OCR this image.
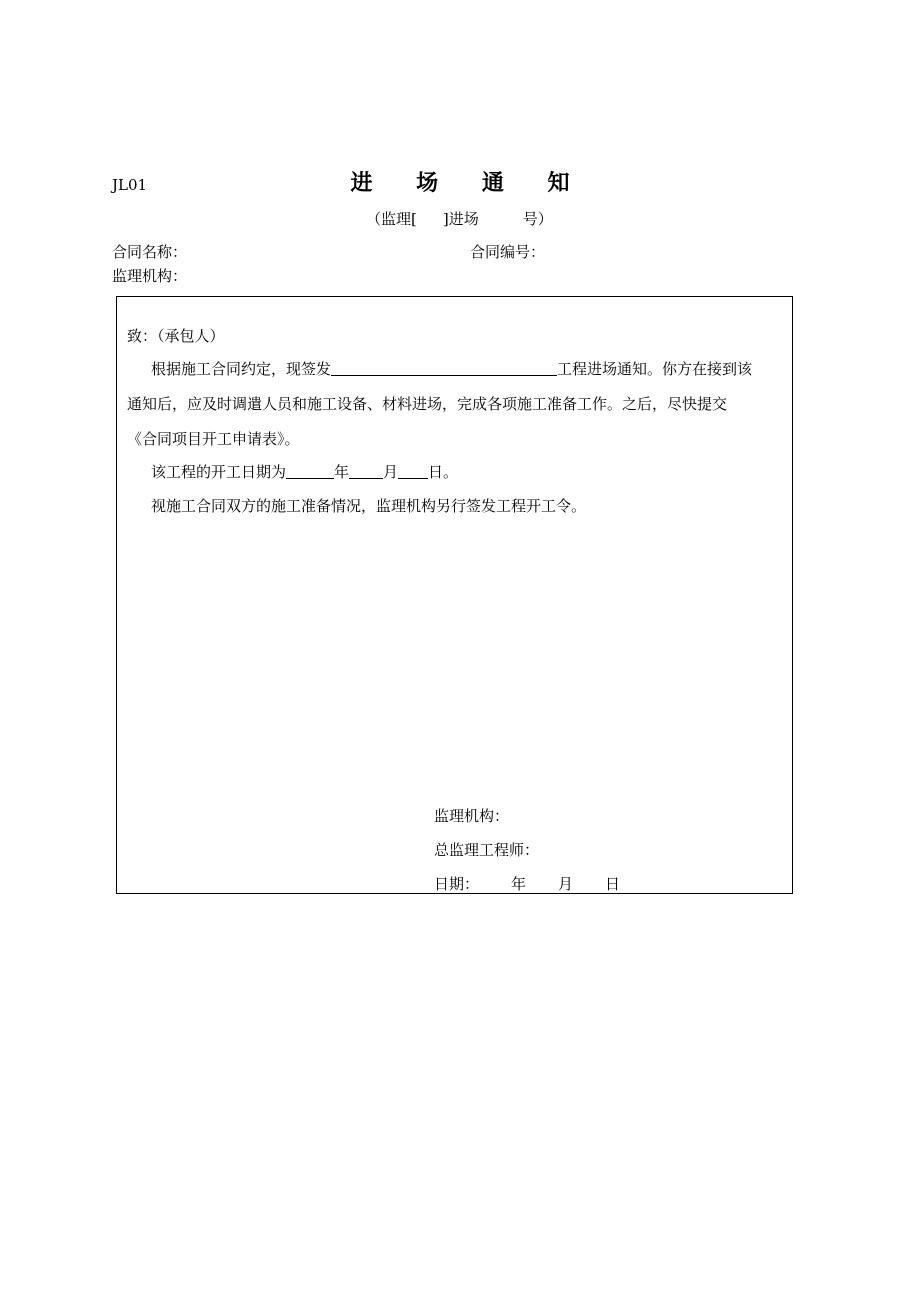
JL01	进 场 通 知
（监理[ ]进场	号）
合同名称：	合同编号：
监理机构：
致：（承包人）
根据施工合同约定，现签发	工程进场通知。你方在接到该
通知后，应及时调遣人员和施工设备、材料进场，完成各项施工准备工作。之后，尽快提交
《合同项目开工申请表》。
该工程的开工日期为	年 月 日。
视施工合同双方的施工准备情况，监理机构另行签发工程开工令。
监理机构：
总监理工程师：
日期： 年 月 日
